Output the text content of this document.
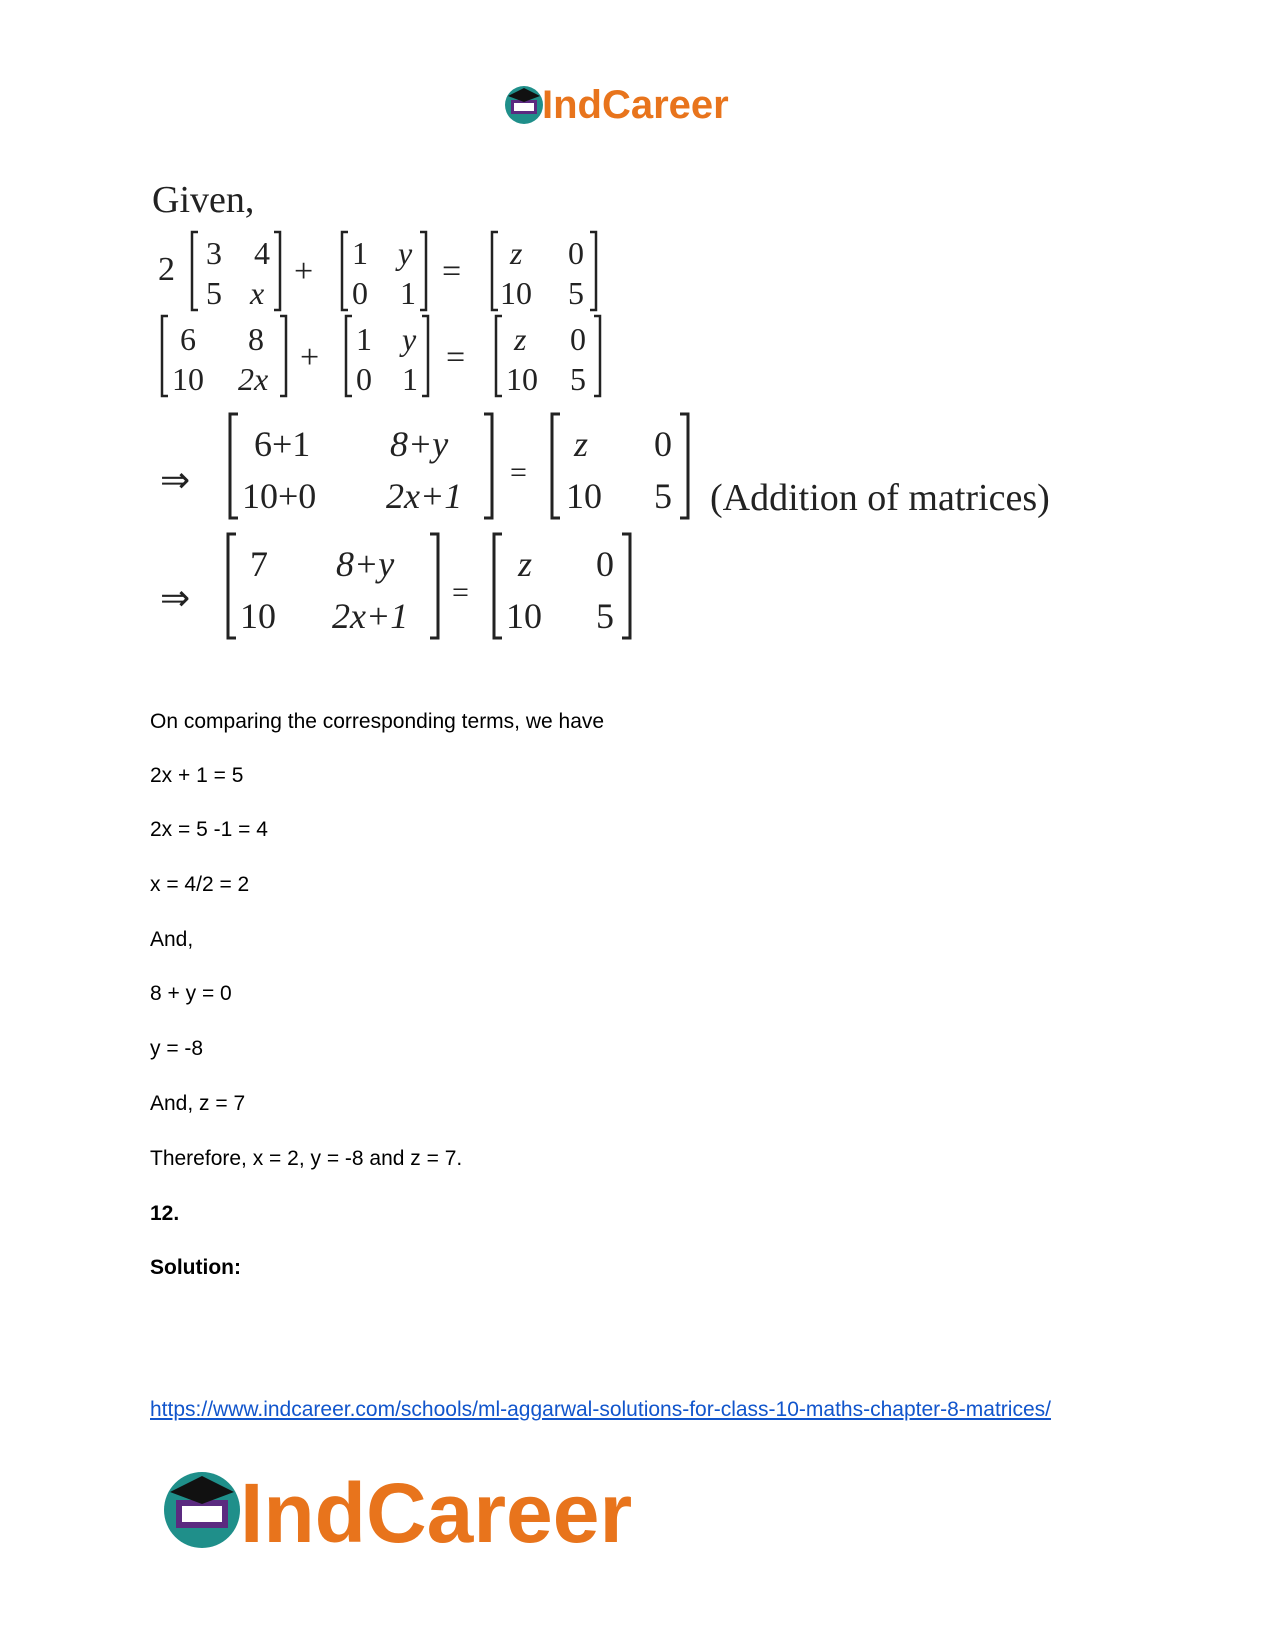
IndCareer
Given,
2 3 4
5 x
+ 1 y
0 1
= z 0
10 5
6 8
10 2x
+ 1 y
0 1
= z 0
10 5
⇒
6+1 8+y
10+0 2x+1
=
z 0
10 5 (Addition of matrices)
⇒
7 8+y
10 2x+1
=
z 0
10 5
On comparing the corresponding terms, we have
2x + 1 = 5
2x = 5 -1 = 4
x = 4/2 = 2
And,
8 + y = 0
y = -8
And, z = 7
Therefore, x = 2, y = -8 and z = 7.
12.
Solution:
https://www.indcareer.com/schools/ml-aggarwal-solutions-for-class-10-maths-chapter-8-matrices/
IndCareer
